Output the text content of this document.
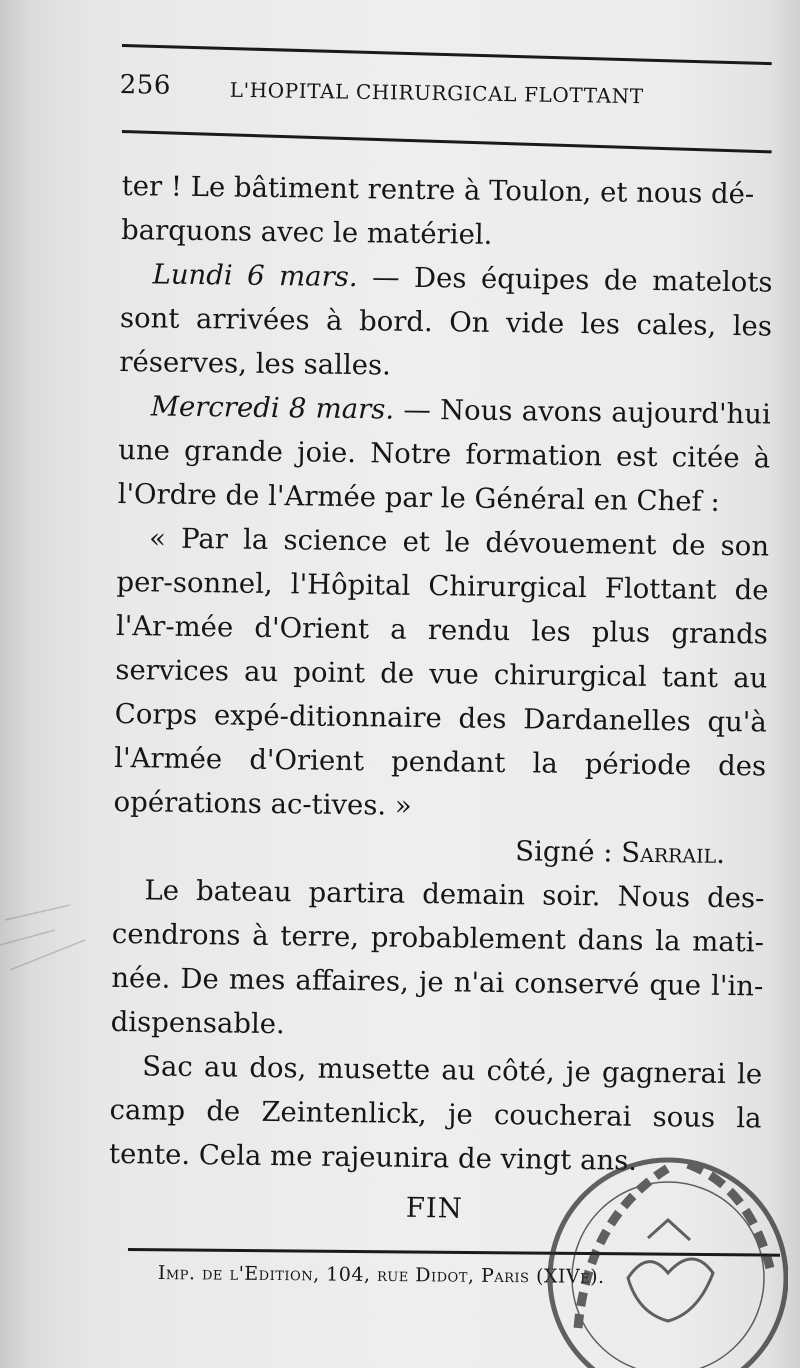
256	L'HOPITAL CHIRURGICAL FLOTTANT

ter ! Le bâtiment rentre à Toulon, et nous dé-
barquons avec le matériel.

Lundi 6 mars. — Des équipes de matelots sont arrivées à bord. On vide les cales, les réserves, les salles.

Mercredi 8 mars. — Nous avons aujourd'hui une grande joie. Notre formation est citée à l'Ordre de l'Armée par le Général en Chef :

« Par la science et le dévouement de son per-sonnel, l'Hôpital Chirurgical Flottant de l'Ar-mée d'Orient a rendu les plus grands services au point de vue chirurgical tant au Corps expé-ditionnaire des Dardanelles qu'à l'Armée d'Orient pendant la période des opérations ac-tives. »

Signé : Sarrail.

Le bateau partira demain soir. Nous des-cendrons à terre, probablement dans la mati-née. De mes affaires, je n'ai conservé que l'in-dispensable.

Sac au dos, musette au côté, je gagnerai le camp de Zeintenlick, je coucherai sous la tente. Cela me rajeunira de vingt ans.

FIN

Imp. de l'Edition, 104, rue Didot, Paris (XIVe).
